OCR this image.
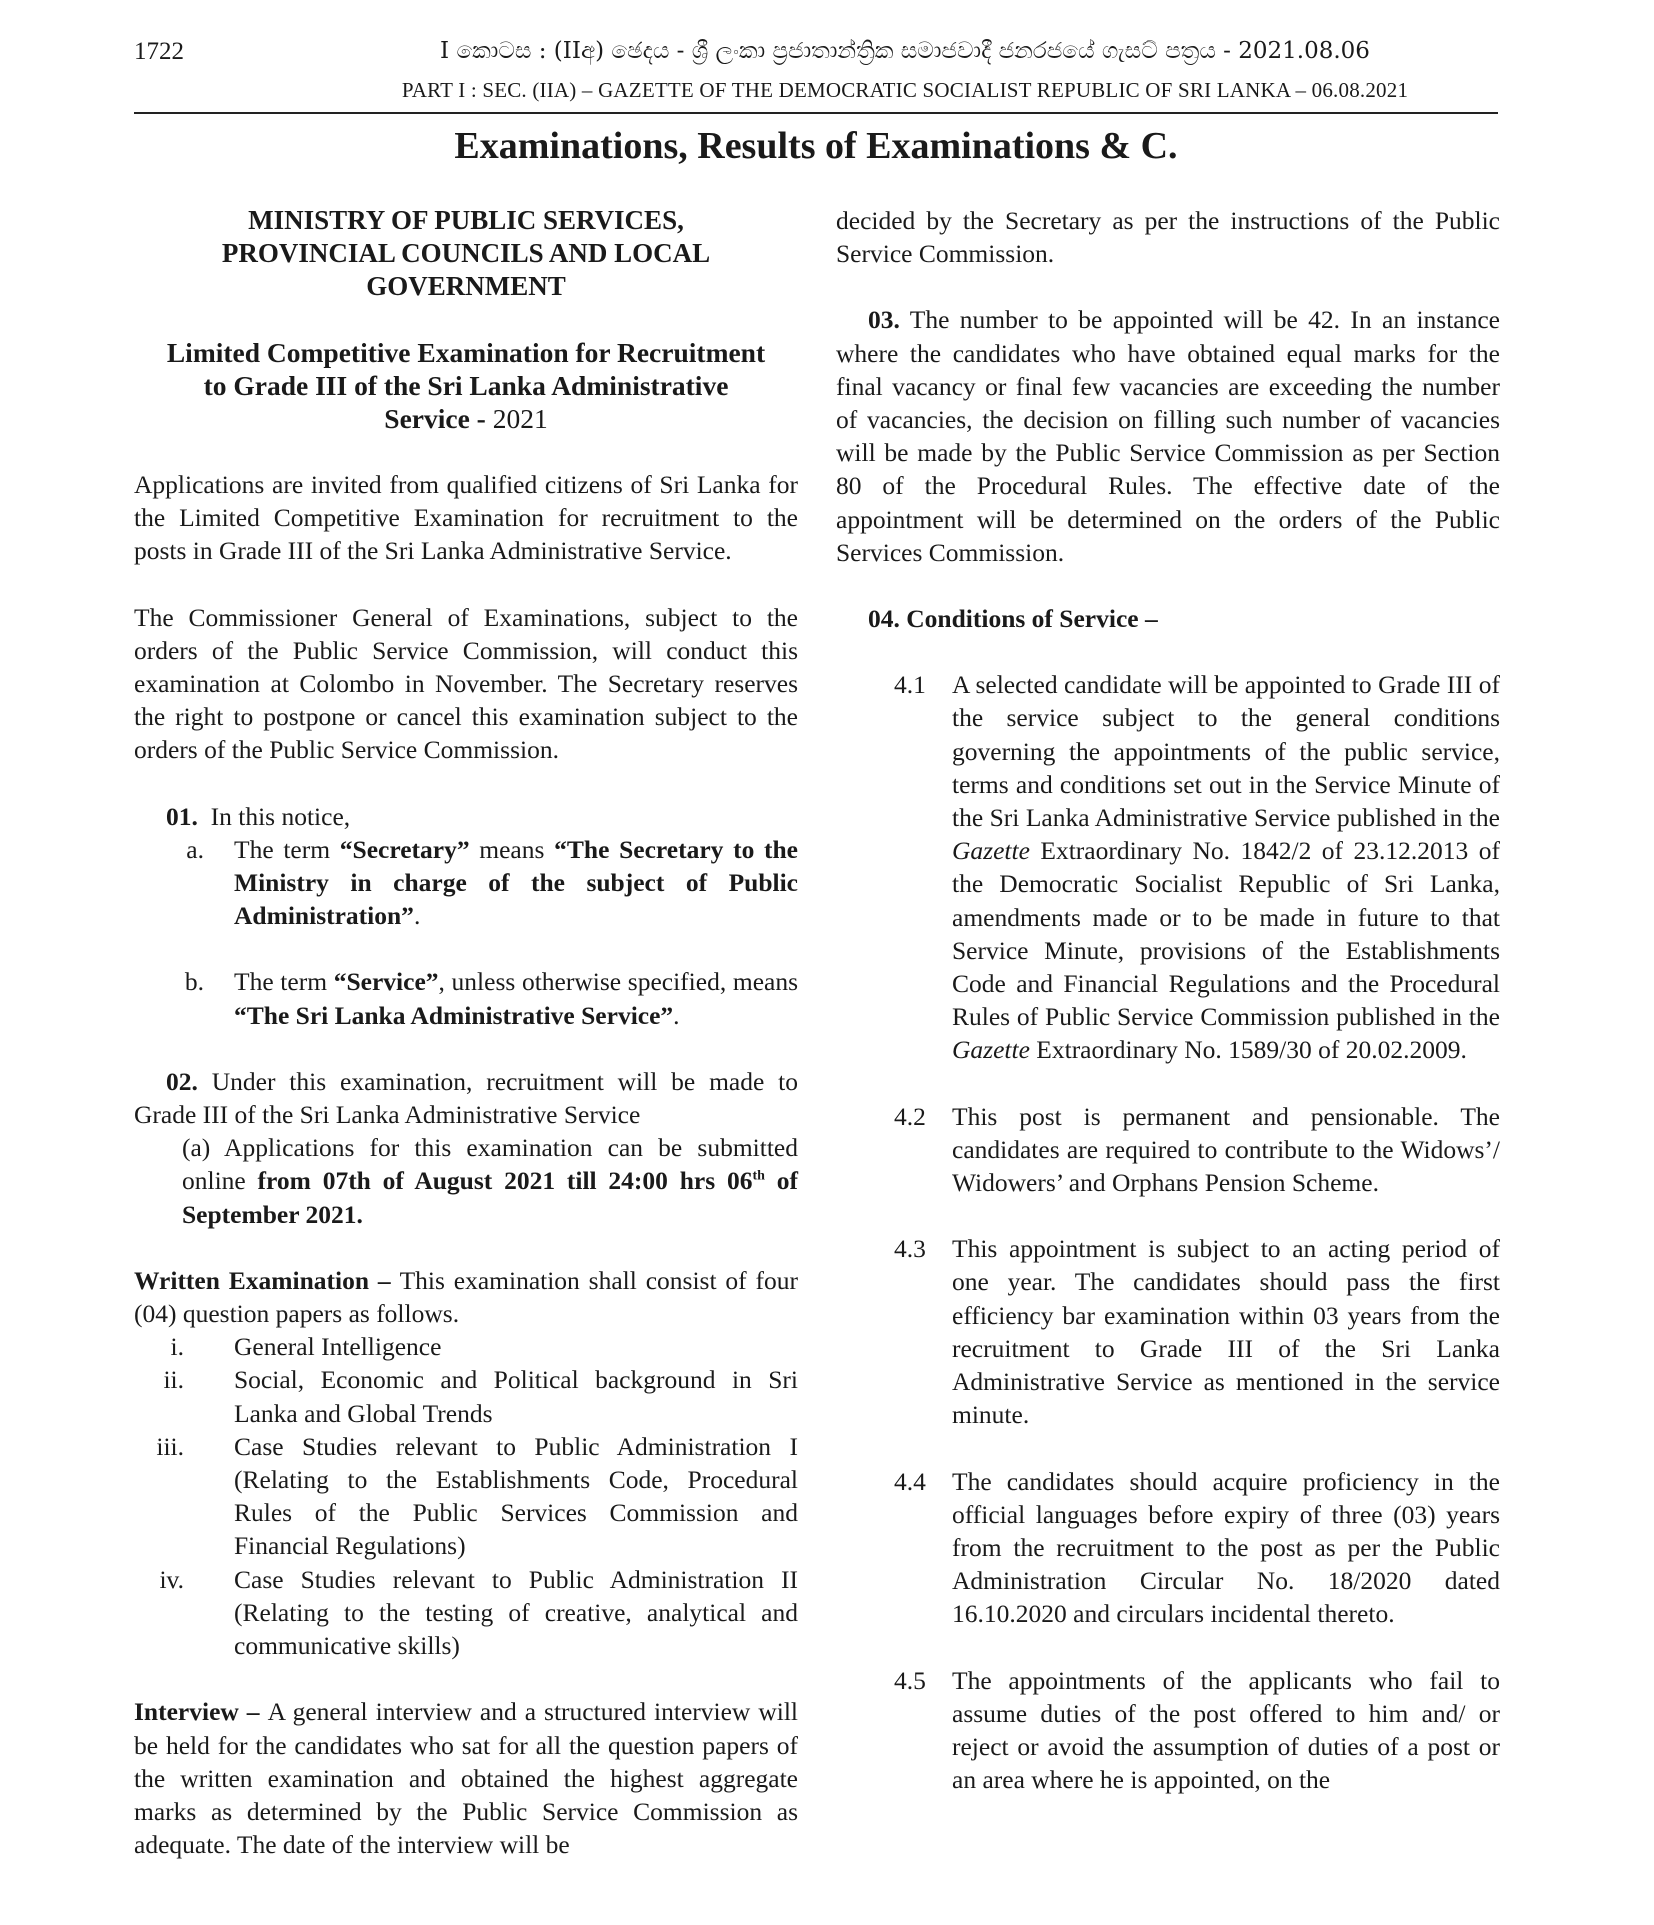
1722	I කොටස : (IIඅ) ඡෙදය - ශ්‍රී ලංකා ප්‍රජාතාන්ත්‍රික සමාජවාදී ජනරජයේ ගැසට් පත්‍රය - 2021.08.06
PART I : SEC. (IIA) – GAZETTE OF THE DEMOCRATIC SOCIALIST REPUBLIC OF SRI LANKA – 06.08.2021
Examinations, Results of Examinations & C.

MINISTRY OF PUBLIC SERVICES,

PROVINCIAL COUNCILS AND LOCAL

GOVERNMENT

Limited Competitive Examination for Recruitment

to Grade III of the Sri Lanka Administrative

Service - 2021

Applications are invited from qualified citizens of Sri Lanka for the Limited Competitive Examination for recruitment to the posts in Grade III of the Sri Lanka Administrative Service.

The Commissioner General of Examinations, subject to the orders of the Public Service Commission, will conduct this examination at Colombo in November. The Secretary reserves the right to postpone or cancel this examination subject to the orders of the Public Service Commission.

01. In this notice,

a.	The term “Secretary” means “The Secretary to the Ministry in charge of the subject of Public Administration”.
b.	The term “Service”, unless otherwise specified, means “The Sri Lanka Administrative Service”.

02. Under this examination, recruitment will be made to Grade III of the Sri Lanka Administrative Service

(a) Applications for this examination can be submitted online from 07th of August 2021 till 24:00 hrs 06th of September 2021.

Written Examination – This examination shall consist of four (04) question papers as follows.

i.	General Intelligence
ii.	Social, Economic and Political background in Sri Lanka and Global Trends
iii.	Case Studies relevant to Public Administration I (Relating to the Establishments Code, Procedural Rules of the Public Services Commission and Financial Regulations)
iv.	Case Studies relevant to Public Administration II (Relating to the testing of creative, analytical and communicative skills)

Interview – A general interview and a structured interview will be held for the candidates who sat for all the question papers of the written examination and obtained the highest aggregate marks as determined by the Public Service Commission as adequate. The date of the interview will be

decided by the Secretary as per the instructions of the Public Service Commission.

03. The number to be appointed will be 42. In an instance where the candidates who have obtained equal marks for the final vacancy or final few vacancies are exceeding the number of vacancies, the decision on filling such number of vacancies will be made by the Public Service Commission as per Section 80 of the Procedural Rules. The effective date of the appointment will be determined on the orders of the Public Services Commission.

04. Conditions of Service –

4.1	A selected candidate will be appointed to Grade III of the service subject to the general conditions governing the appointments of the public service, terms and conditions set out in the Service Minute of the Sri Lanka Administrative Service published in the Gazette Extraordinary No. 1842/2 of 23.12.2013 of the Democratic Socialist Republic of Sri Lanka, amendments made or to be made in future to that Service Minute, provisions of the Establishments Code and Financial Regulations and the Procedural Rules of Public Service Commission published in the Gazette Extraordinary No. 1589/30 of 20.02.2009.
4.2	This post is permanent and pensionable. The candidates are required to contribute to the Widows’/ Widowers’ and Orphans Pension Scheme.
4.3	This appointment is subject to an acting period of one year. The candidates should pass the first efficiency bar examination within 03 years from the recruitment to Grade III of the Sri Lanka Administrative Service as mentioned in the service minute.
4.4	The candidates should acquire proficiency in the official languages before expiry of three (03) years from the recruitment to the post as per the Public Administration Circular No. 18/2020 dated 16.10.2020 and circulars incidental thereto.
4.5	The appointments of the applicants who fail to assume duties of the post offered to him and/ or reject or avoid the assumption of duties of a post or an area where he is appointed, on the
